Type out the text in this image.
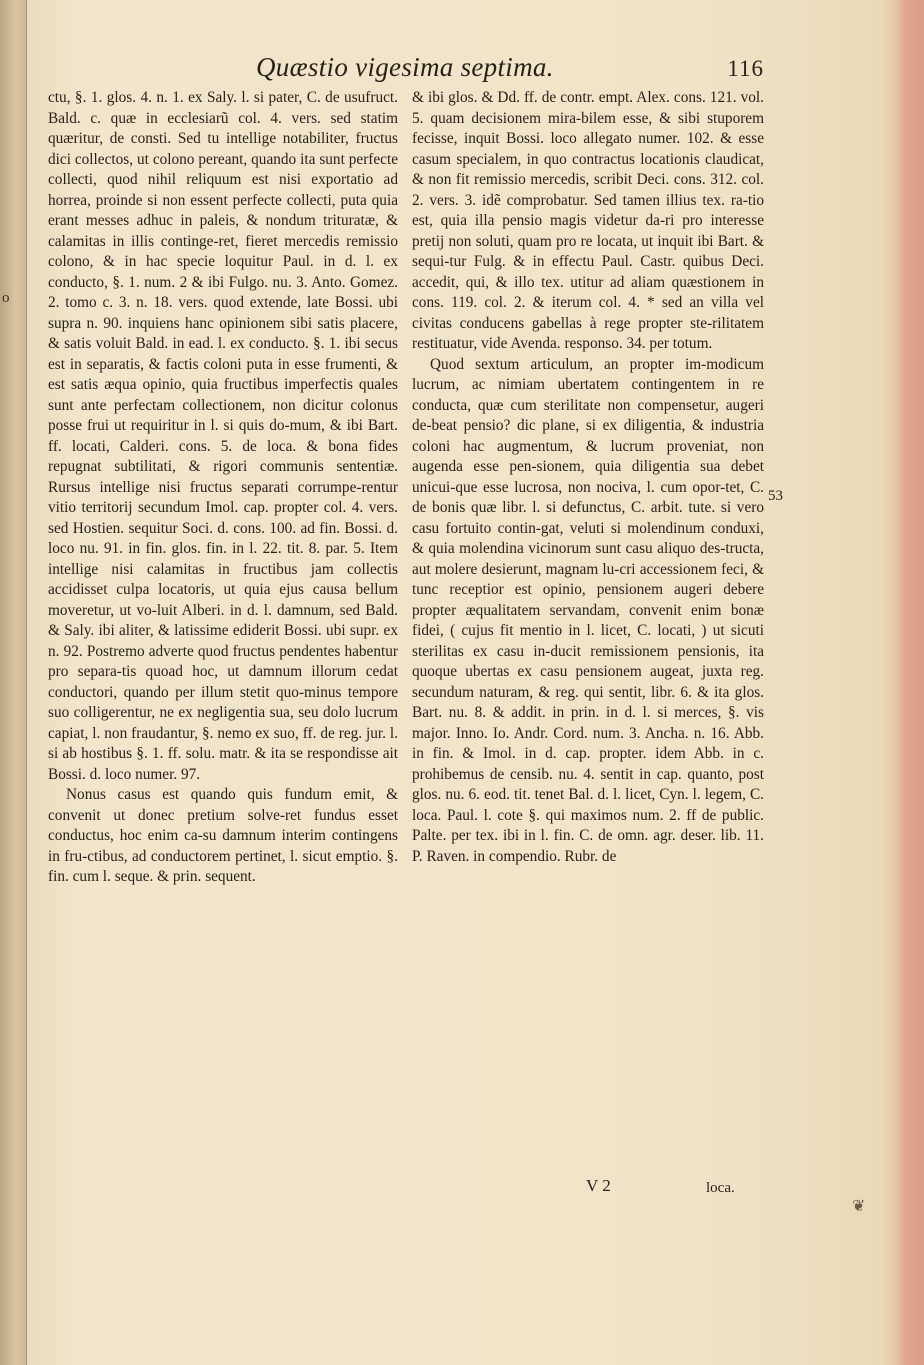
o
Quæstio vigesima septima.	116

ctu, §. 1. glos. 4. n. 1. ex Saly. l. si pater, C. de usufruct. Bald. c. quæ in ecclesiarũ col. 4. vers. sed statim quæritur, de consti. Sed tu intellige notabiliter, fructus dici collectos, ut colono pereant, quando ita sunt perfecte collecti, quod nihil reliquum est nisi exportatio ad horrea, proinde si non essent perfecte collecti, puta quia erant messes adhuc in paleis, & nondum trituratæ, & calamitas in illis continge-ret, fieret mercedis remissio colono, & in hac specie loquitur Paul. in d. l. ex conducto, §. 1. num. 2 & ibi Fulgo. nu. 3. Anto. Gomez. 2. tomo c. 3. n. 18. vers. quod extende, late Bossi. ubi supra n. 90. inquiens hanc opinionem sibi satis placere, & satis voluit Bald. in ead. l. ex conducto. §. 1. ibi secus est in separatis, & factis coloni puta in esse frumenti, & est satis æqua opinio, quia fructibus imperfectis quales sunt ante perfectam collectionem, non dicitur colonus posse frui ut requiritur in l. si quis do-mum, & ibi Bart. ff. locati, Calderi. cons. 5. de loca. & bona fides repugnat subtilitati, & rigori communis sententiæ. Rursus intellige nisi fructus separati corrumpe-rentur vitio territorij secundum Imol. cap. propter col. 4. vers. sed Hostien. sequitur Soci. d. cons. 100. ad fin. Bossi. d. loco nu. 91. in fin. glos. fin. in l. 22. tit. 8. par. 5. Item intellige nisi calamitas in fructibus jam collectis accidisset culpa locatoris, ut quia ejus causa bellum moveretur, ut vo-luit Alberi. in d. l. damnum, sed Bald. & Saly. ibi aliter, & latissime ediderit Bossi. ubi supr. ex n. 92. Postremo adverte quod fructus pendentes habentur pro separa-tis quoad hoc, ut damnum illorum cedat conductori, quando per illum stetit quo-minus tempore suo colligerentur, ne ex negligentia sua, seu dolo lucrum capiat, l. non fraudantur, §. nemo ex suo, ff. de reg. jur. l. si ab hostibus §. 1. ff. solu. matr. & ita se respondisse ait Bossi. d. loco numer. 97.

Nonus casus est quando quis fundum emit, & convenit ut donec pretium solve-ret fundus esset conductus, hoc enim ca-su damnum interim contingens in fru-ctibus, ad conductorem pertinet, l. sicut emptio. §. fin. cum l. seque. & prin. sequent.

& ibi glos. & Dd. ff. de contr. empt. Alex. cons. 121. vol. 5. quam decisionem mira-bilem esse, & sibi stuporem fecisse, inquit Bossi. loco allegato numer. 102. & esse casum specialem, in quo contractus locationis claudicat, & non fit remissio mercedis, scribit Deci. cons. 312. col. 2. vers. 3. idẽ comprobatur. Sed tamen illius tex. ra-tio est, quia illa pensio magis videtur da-ri pro interesse pretij non soluti, quam pro re locata, ut inquit ibi Bart. & sequi-tur Fulg. & in effectu Paul. Castr. quibus Deci. accedit, qui, & illo tex. utitur ad aliam quæstionem in cons. 119. col. 2. & iterum col. 4. * sed an villa vel civitas conducens gabellas à rege propter ste-rilitatem restituatur, vide Avenda. responso. 34. per totum.

Quod sextum articulum, an propter im-modicum lucrum, ac nimiam ubertatem contingentem in re conducta, quæ cum sterilitate non compensetur, augeri de-beat pensio? dic plane, si ex diligentia, & industria coloni hac augmentum, & lucrum proveniat, non augenda esse pen-sionem, quia diligentia sua debet unicui-que esse lucrosa, non nociva, l. cum opor-tet, C. de bonis quæ libr. l. si defunctus, C. arbit. tute. si vero casu fortuito contin-gat, veluti si molendinum conduxi, & quia molendina vicinorum sunt casu aliquo des-tructa, aut molere desierunt, magnam lu-cri accessionem feci, & tunc receptior est opinio, pensionem augeri debere propter æqualitatem servandam, convenit enim bonæ fidei, ( cujus fit mentio in l. licet, C. locati, ) ut sicuti sterilitas ex casu in-ducit remissionem pensionis, ita quoque ubertas ex casu pensionem augeat, juxta reg. secundum naturam, & reg. qui sentit, libr. 6. & ita glos. Bart. nu. 8. & addit. in prin. in d. l. si merces, §. vis major. Inno. Io. Andr. Cord. num. 3. Ancha. n. 16. Abb. in fin. & Imol. in d. cap. propter. idem Abb. in c. prohibemus de censib. nu. 4. sentit in cap. quanto, post glos. nu. 6. eod. tit. tenet Bal. d. l. licet, Cyn. l. legem, C. loca. Paul. l. cote §. qui maximos num. 2. ff de public. Palte. per tex. ibi in l. fin. C. de omn. agr. deser. lib. 11. P. Raven. in compendio. Rubr. de

53
V 2	loca.
❦
